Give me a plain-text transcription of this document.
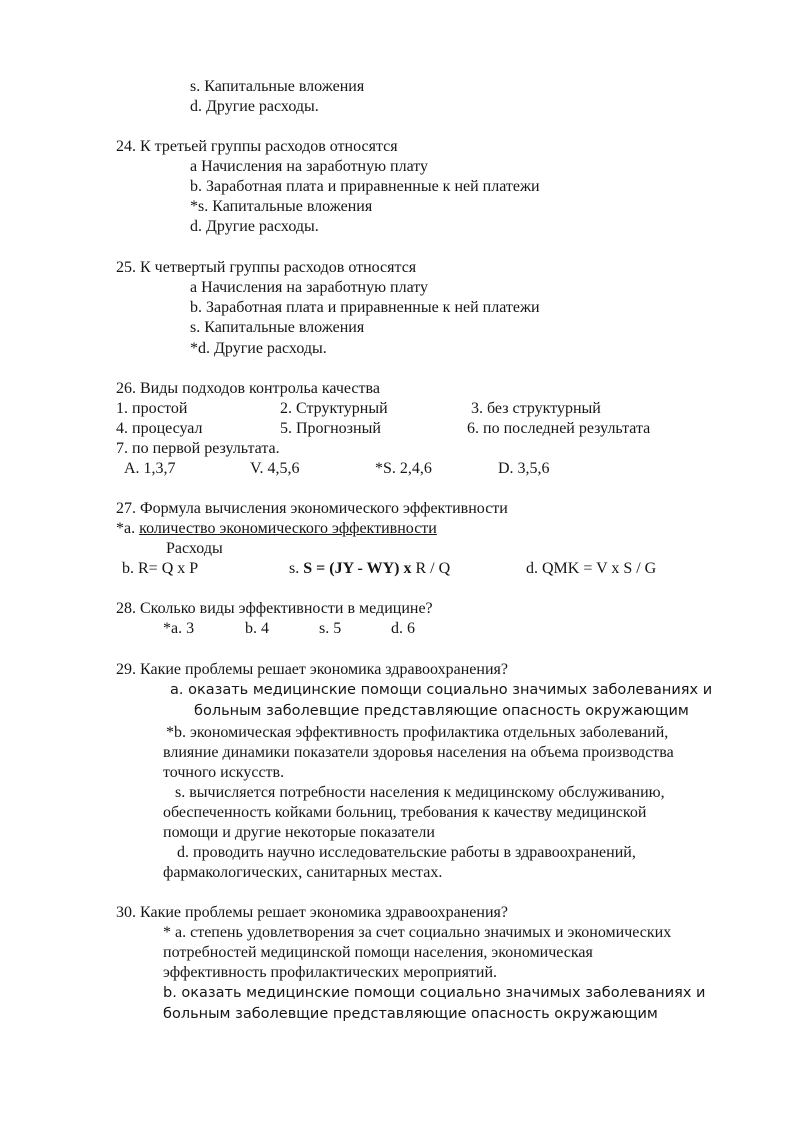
s. Капитальные вложения
d. Другие расходы.
24. К третьей группы расходов относятся
а Начисления на заработную плату
b. Заработная плата и приравненные к ней платежи
*s. Капитальные вложения
d. Другие расходы.
25. К четвертый группы расходов относятся
а Начисления на заработную плату
b. Заработная плата и приравненные к ней платежи
s. Капитальные вложения
*d. Другие расходы.
26. Виды подходов контрольа качества
1. простой	2. Структурный	3. без структурный
4. процесуал	5. Прогнозный	6. по последней результата
7. по первой результата.
A. 1,3,7	V. 4,5,6	*S. 2,4,6	D. 3,5,6
27. Формула вычисления экономического эффективности
*а. количество экономического эффективности
Расходы
b. R= Q x P	s. S = (JY - WY) x R / Q	d. QMK = V x S / G
28. Сколько виды эффективности в медицине?
*а. 3	b. 4	s. 5	d. 6
29. Какие проблемы решает экономика здравоохранения?
a. оказать медицинские помощи социально значимых заболеваниях и
больным заболевщие представляющие опасность окружающим
*b. экономическая эффективность профилактика отдельных заболеваний,
влияние динамики показатели здоровья населения на объема производства
точного искусств.
s. вычисляется потребности населения к медицинскому обслуживанию,
обеспеченность койками больниц, требования к качеству медицинской
помощи и другие некоторые показатели
d. проводить научно исследовательские работы в здравоохранений,
фармакологических, санитарных местах.
30. Какие проблемы решает экономика здравоохранения?
* а. степень удовлетворения за счет социально значимых и экономических
потребностей медицинской помощи населения, экономическая
эффективность профилактических мероприятий.
b. оказать медицинские помощи социально значимых заболеваниях и
больным заболевщие представляющие опасность окружающим
